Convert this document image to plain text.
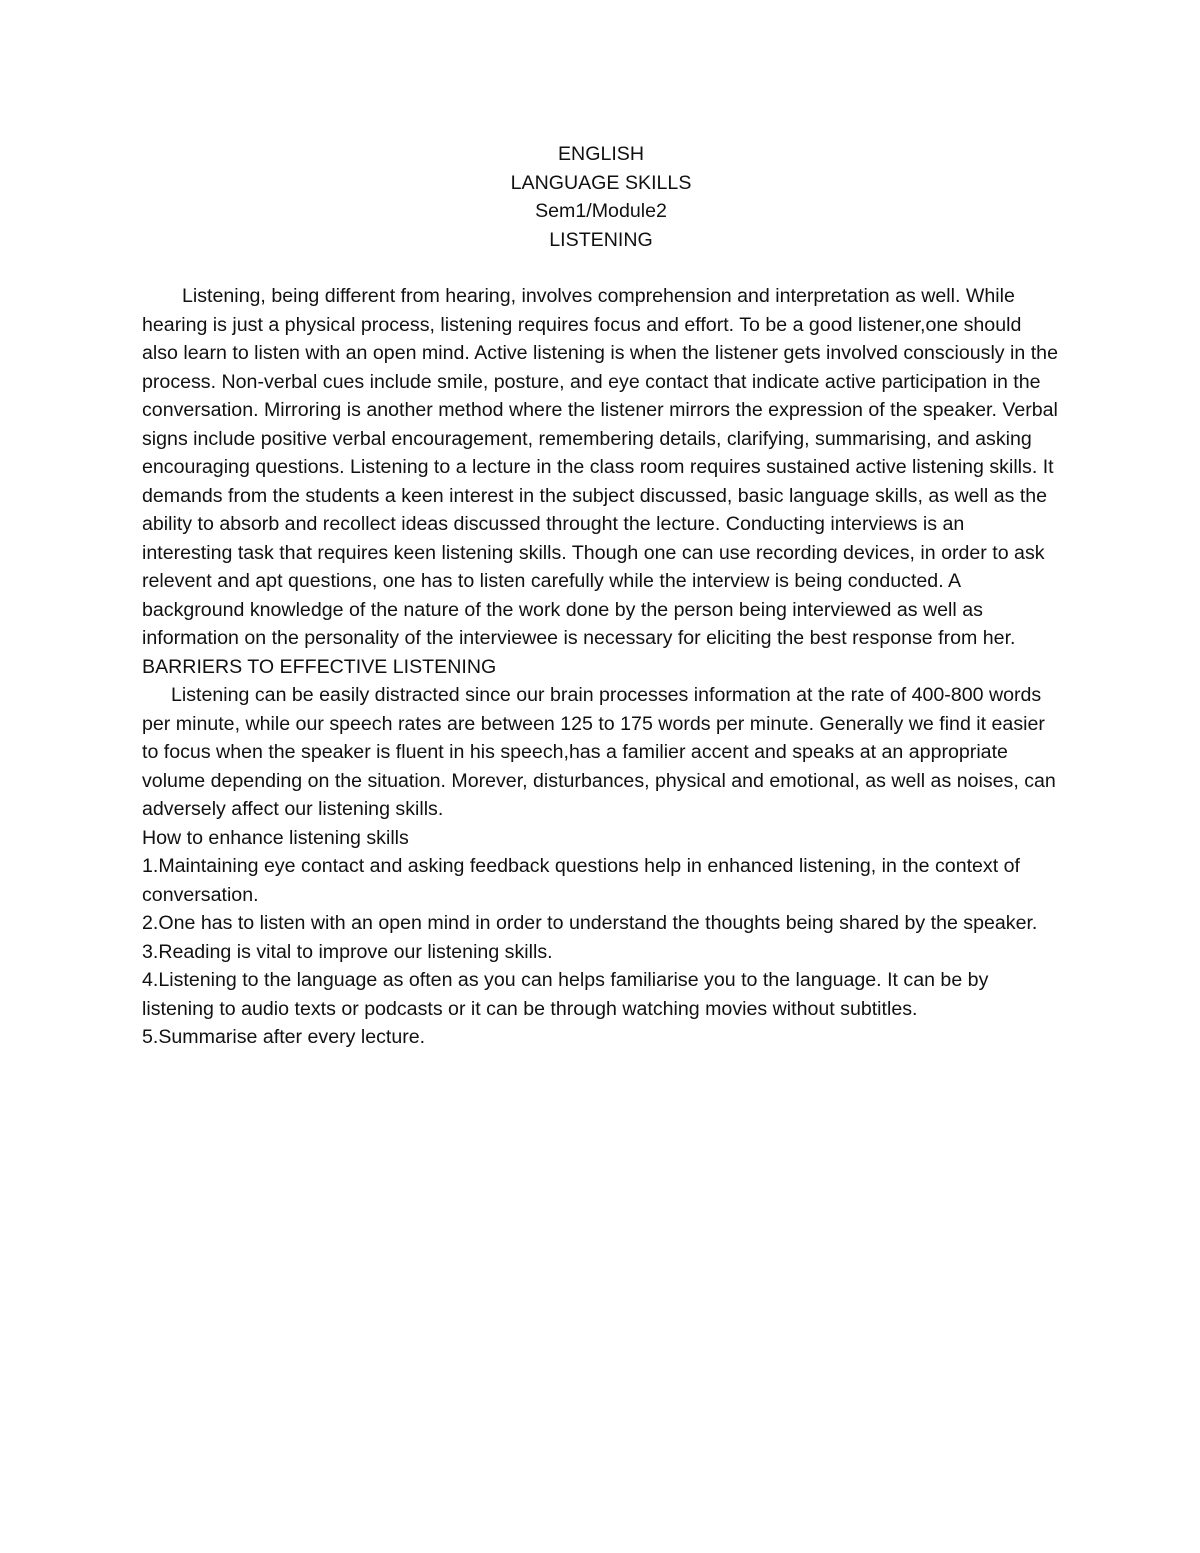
ENGLISH
LANGUAGE SKILLS
Sem1/Module2
LISTENING

Listening, being different from hearing, involves comprehension and interpretation as well. While hearing is just a physical process, listening requires focus and effort. To be a good listener,one should also learn to listen with an open mind. Active listening is when the listener gets involved consciously in the process. Non-verbal cues include smile, posture, and eye contact that indicate active participation in the conversation. Mirroring is another method where the listener mirrors the expression of the speaker. Verbal signs include positive verbal encouragement, remembering details, clarifying, summarising, and asking encouraging questions. Listening to a lecture in the class room requires sustained active listening skills. It demands from the students a keen interest in the subject discussed, basic language skills, as well as the ability to absorb and recollect ideas discussed throught the lecture. Conducting interviews is an interesting task that requires keen listening skills. Though one can use recording devices, in order to ask relevent and apt questions, one has to listen carefully while the interview is being conducted. A background knowledge of the nature of the work done by the person being interviewed as well as information on the personality of the interviewee is necessary for eliciting the best response from her.

BARRIERS TO EFFECTIVE LISTENING

Listening can be easily distracted since our brain processes information at the rate of 400-800 words per minute, while our speech rates are between 125 to 175 words per minute. Generally we find it easier to focus when the speaker is fluent in his speech,has a familier accent and speaks at an appropriate volume depending on the situation. Morever, disturbances, physical and emotional, as well as noises, can adversely affect our listening skills.

How to enhance listening skills
1.Maintaining eye contact and asking feedback questions help in enhanced listening, in the context of conversation.
2.One has to listen with an open mind in order to understand the thoughts being shared by the speaker.
3.Reading is vital to improve our listening skills.
4.Listening to the language as often as you can helps familiarise you to the language. It can be by listening to audio texts or podcasts or it can be through watching movies without subtitles.
5.Summarise after every lecture.
